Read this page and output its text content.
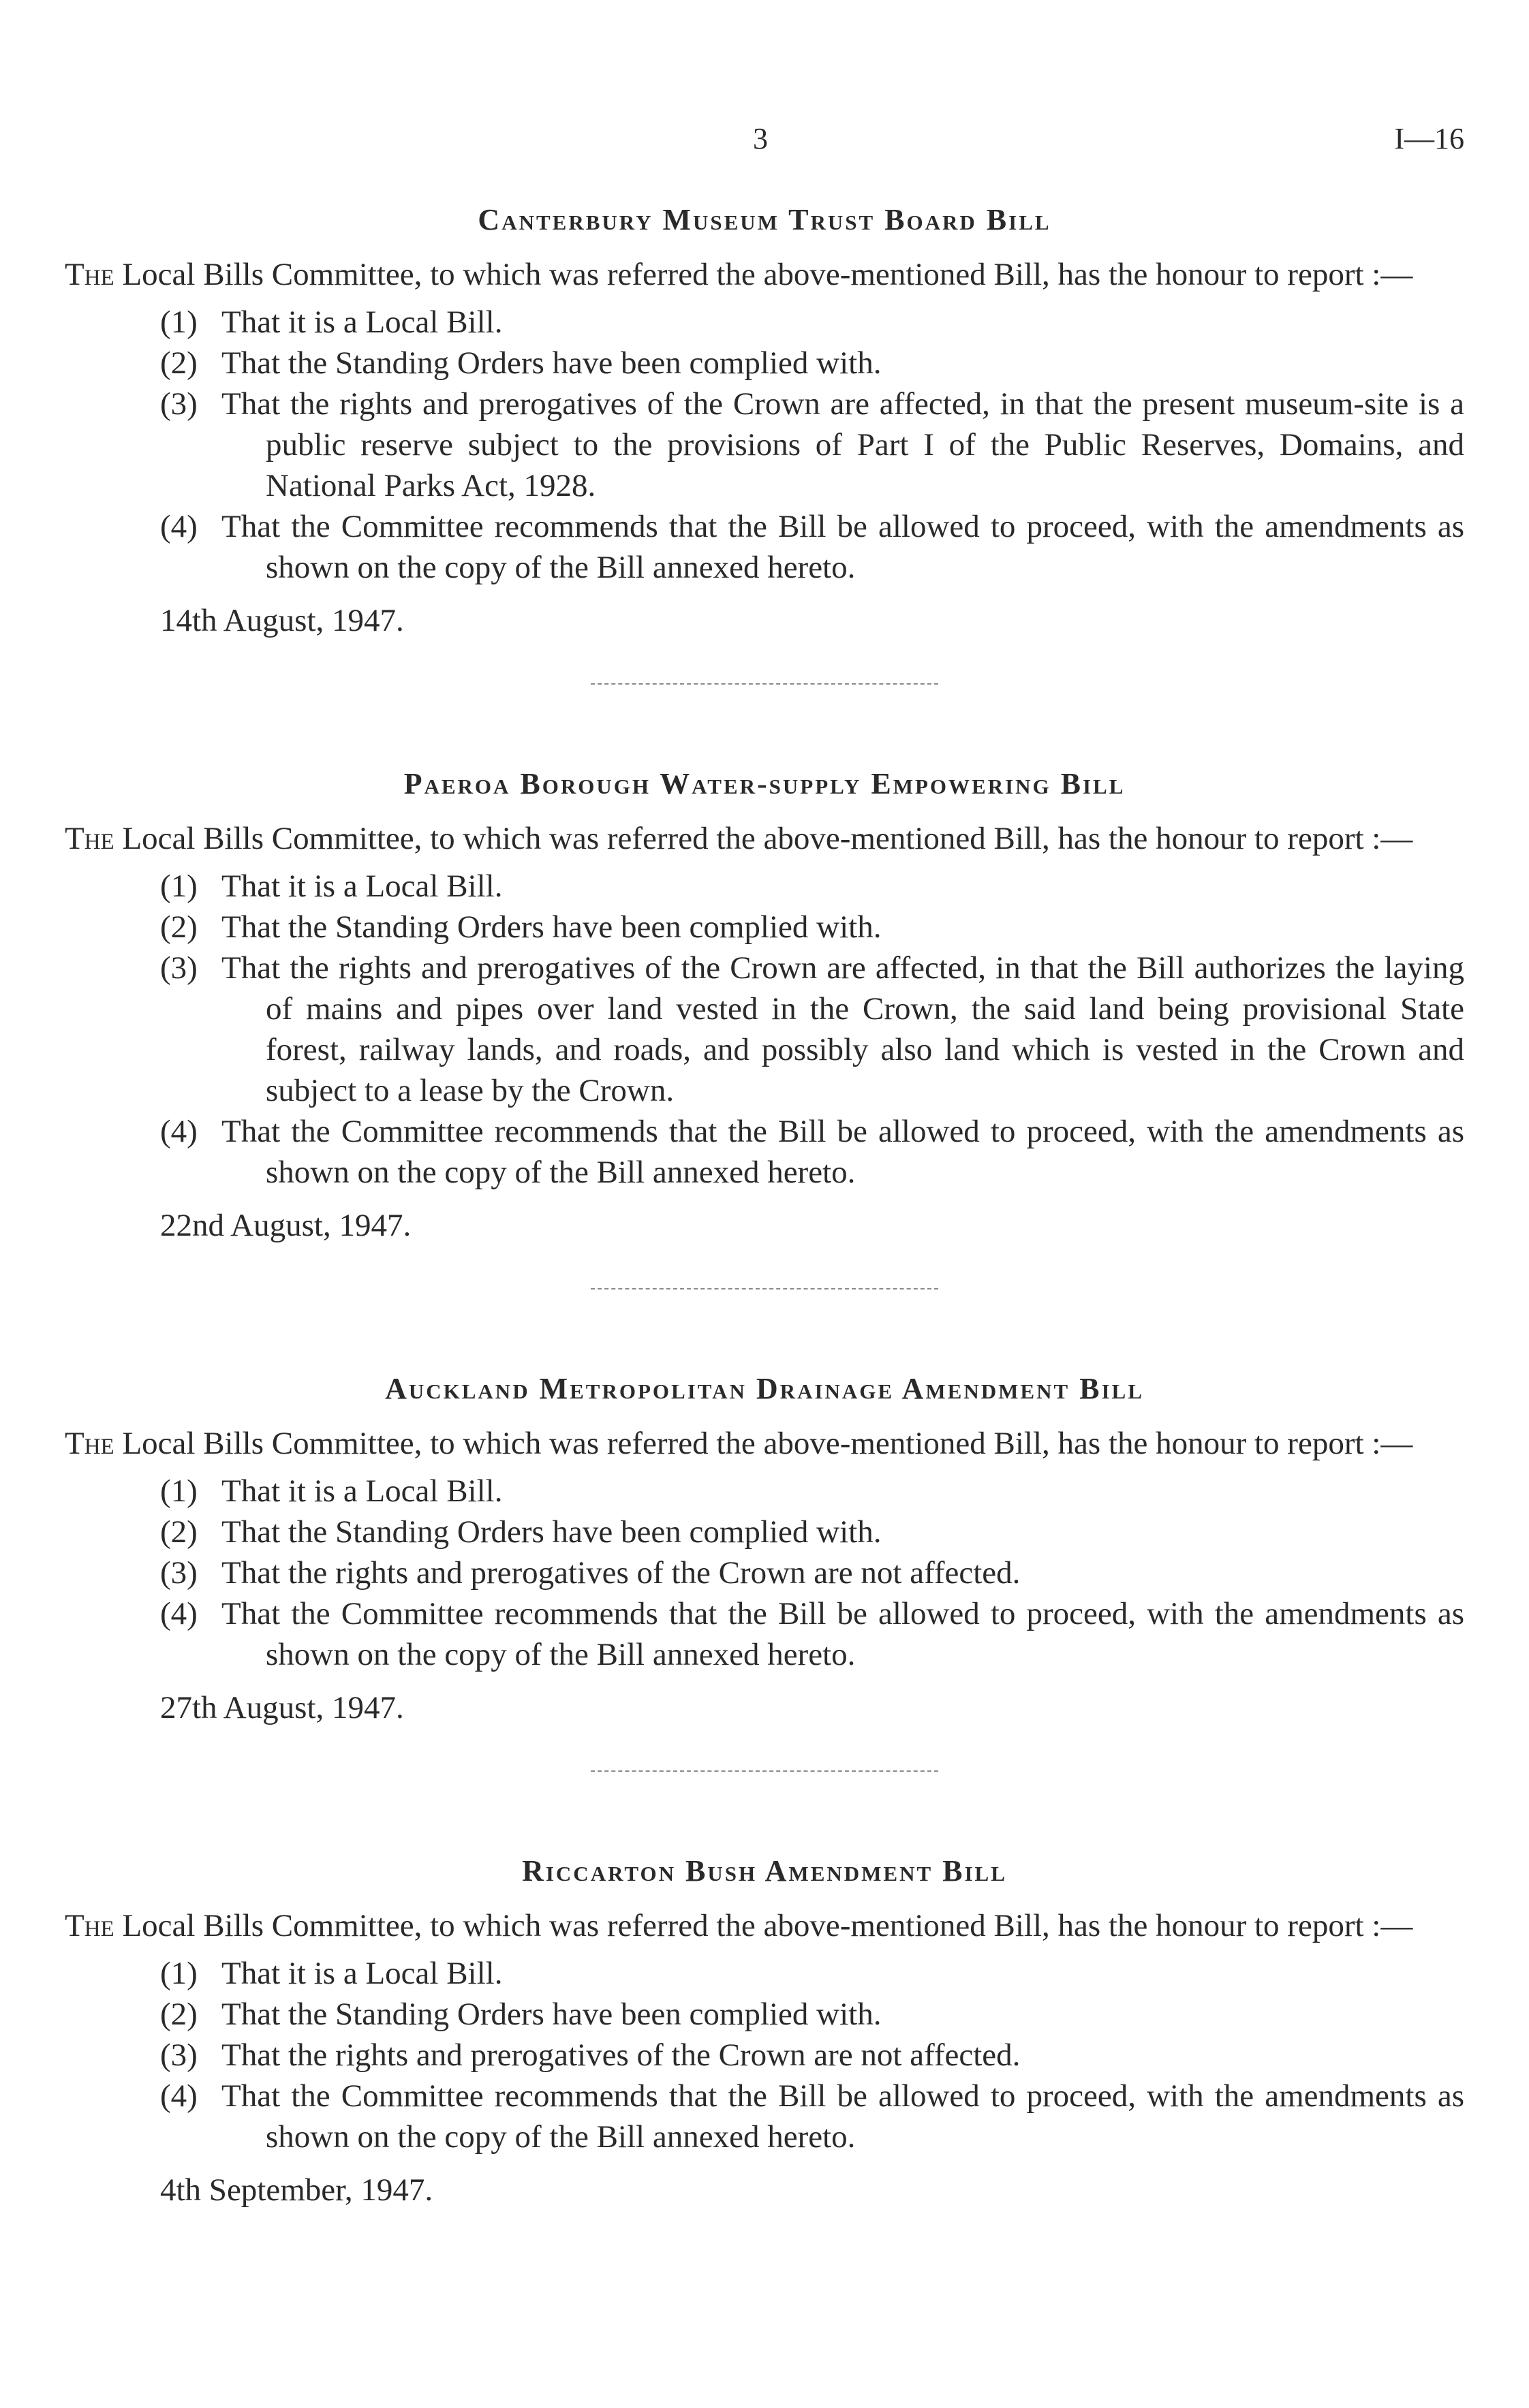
3	I—16
Canterbury Museum Trust Board Bill

The Local Bills Committee, to which was referred the above-mentioned Bill, has the honour to report :—

(1) That it is a Local Bill.
(2) That the Standing Orders have been complied with.
(3) That the rights and prerogatives of the Crown are affected, in that the present museum-site is a public reserve subject to the provisions of Part I of the Public Reserves, Domains, and National Parks Act, 1928.
(4) That the Committee recommends that the Bill be allowed to proceed, with the amendments as shown on the copy of the Bill annexed hereto.

14th August, 1947.

Paeroa Borough Water-supply Empowering Bill

The Local Bills Committee, to which was referred the above-mentioned Bill, has the honour to report :—

(1) That it is a Local Bill.
(2) That the Standing Orders have been complied with.
(3) That the rights and prerogatives of the Crown are affected, in that the Bill authorizes the laying of mains and pipes over land vested in the Crown, the said land being provisional State forest, railway lands, and roads, and possibly also land which is vested in the Crown and subject to a lease by the Crown.
(4) That the Committee recommends that the Bill be allowed to proceed, with the amendments as shown on the copy of the Bill annexed hereto.

22nd August, 1947.

Auckland Metropolitan Drainage Amendment Bill

The Local Bills Committee, to which was referred the above-mentioned Bill, has the honour to report :—

(1) That it is a Local Bill.
(2) That the Standing Orders have been complied with.
(3) That the rights and prerogatives of the Crown are not affected.
(4) That the Committee recommends that the Bill be allowed to proceed, with the amendments as shown on the copy of the Bill annexed hereto.

27th August, 1947.

Riccarton Bush Amendment Bill

The Local Bills Committee, to which was referred the above-mentioned Bill, has the honour to report :—

(1) That it is a Local Bill.
(2) That the Standing Orders have been complied with.
(3) That the rights and prerogatives of the Crown are not affected.
(4) That the Committee recommends that the Bill be allowed to proceed, with the amendments as shown on the copy of the Bill annexed hereto.

4th September, 1947.
